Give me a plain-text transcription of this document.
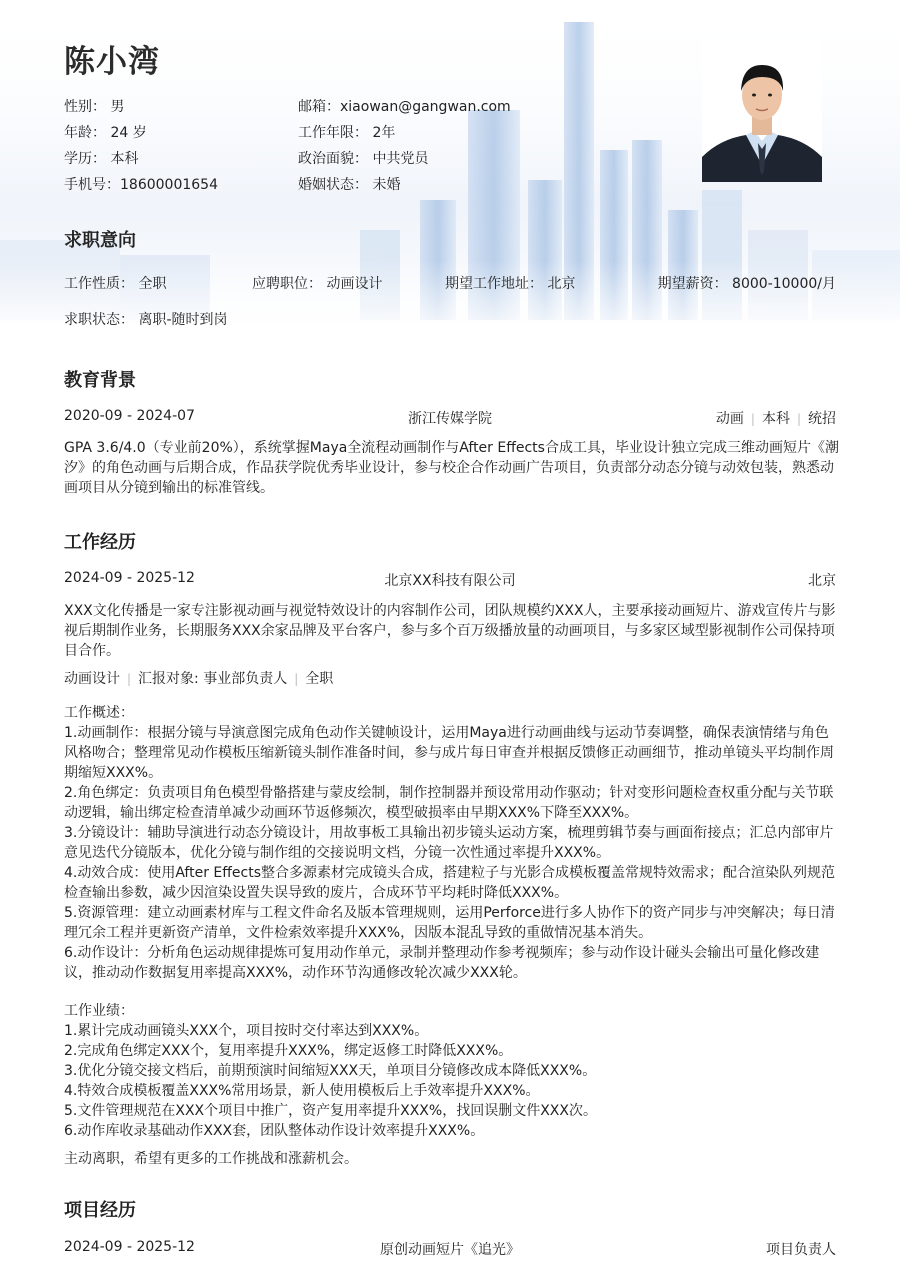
陈小湾
性别： 男
年龄： 24 岁
学历： 本科
手机号：18600001654
邮箱：xiaowan@gangwan.com
工作年限： 2年
政治面貌： 中共党员
婚姻状态： 未婚
求职意向
工作性质： 全职	应聘职位： 动画设计	期望工作地址： 北京	期望薪资： 8000-10000/月
求职状态： 离职-随时到岗
教育背景
2020-09 - 2024-07	浙江传媒学院	动画 | 本科 | 统招
GPA 3.6/4.0（专业前20%），系统掌握Maya全流程动画制作与After Effects合成工具，毕业设计独立完成三维动画短片《潮汐》的角色动画与后期合成，作品获学院优秀毕业设计，参与校企合作动画广告项目，负责部分动态分镜与动效包装，熟悉动画项目从分镜到输出的标准管线。
工作经历
2024-09 - 2025-12	北京XX科技有限公司	北京
XXX文化传播是一家专注影视动画与视觉特效设计的内容制作公司，团队规模约XXX人，主要承接动画短片、游戏宣传片与影视后期制作业务，长期服务XXX余家品牌及平台客户，参与多个百万级播放量的动画项目，与多家区域型影视制作公司保持项目合作。
动画设计 | 汇报对象: 事业部负责人 | 全职

工作概述：

1.动画制作：根据分镜与导演意图完成角色动作关键帧设计，运用Maya进行动画曲线与运动节奏调整，确保表演情绪与角色风格吻合；整理常见动作模板压缩新镜头制作准备时间，参与成片每日审查并根据反馈修正动画细节，推动单镜头平均制作周期缩短XXX%。

2.角色绑定：负责项目角色模型骨骼搭建与蒙皮绘制，制作控制器并预设常用动作驱动；针对变形问题检查权重分配与关节联动逻辑，输出绑定检查清单减少动画环节返修频次，模型破损率由早期XXX%下降至XXX%。

3.分镜设计：辅助导演进行动态分镜设计，用故事板工具输出初步镜头运动方案，梳理剪辑节奏与画面衔接点；汇总内部审片意见迭代分镜版本，优化分镜与制作组的交接说明文档，分镜一次性通过率提升XXX%。

4.动效合成：使用After Effects整合多源素材完成镜头合成，搭建粒子与光影合成模板覆盖常规特效需求；配合渲染队列规范检查输出参数，减少因渲染设置失误导致的废片，合成环节平均耗时降低XXX%。

5.资源管理：建立动画素材库与工程文件命名及版本管理规则，运用Perforce进行多人协作下的资产同步与冲突解决；每日清理冗余工程并更新资产清单，文件检索效率提升XXX%，因版本混乱导致的重做情况基本消失。

6.动作设计：分析角色运动规律提炼可复用动作单元，录制并整理动作参考视频库；参与动作设计碰头会输出可量化修改建议，推动动作数据复用率提高XXX%，动作环节沟通修改轮次减少XXX轮。

工作业绩：

1.累计完成动画镜头XXX个，项目按时交付率达到XXX%。

2.完成角色绑定XXX个，复用率提升XXX%，绑定返修工时降低XXX%。

3.优化分镜交接文档后，前期预演时间缩短XXX天，单项目分镜修改成本降低XXX%。

4.特效合成模板覆盖XXX%常用场景，新人使用模板后上手效率提升XXX%。

5.文件管理规范在XXX个项目中推广，资产复用率提升XXX%，找回误删文件XXX次。

6.动作库收录基础动作XXX套，团队整体动作设计效率提升XXX%。

主动离职，希望有更多的工作挑战和涨薪机会。
项目经历
2024-09 - 2025-12	原创动画短片《追光》	项目负责人
